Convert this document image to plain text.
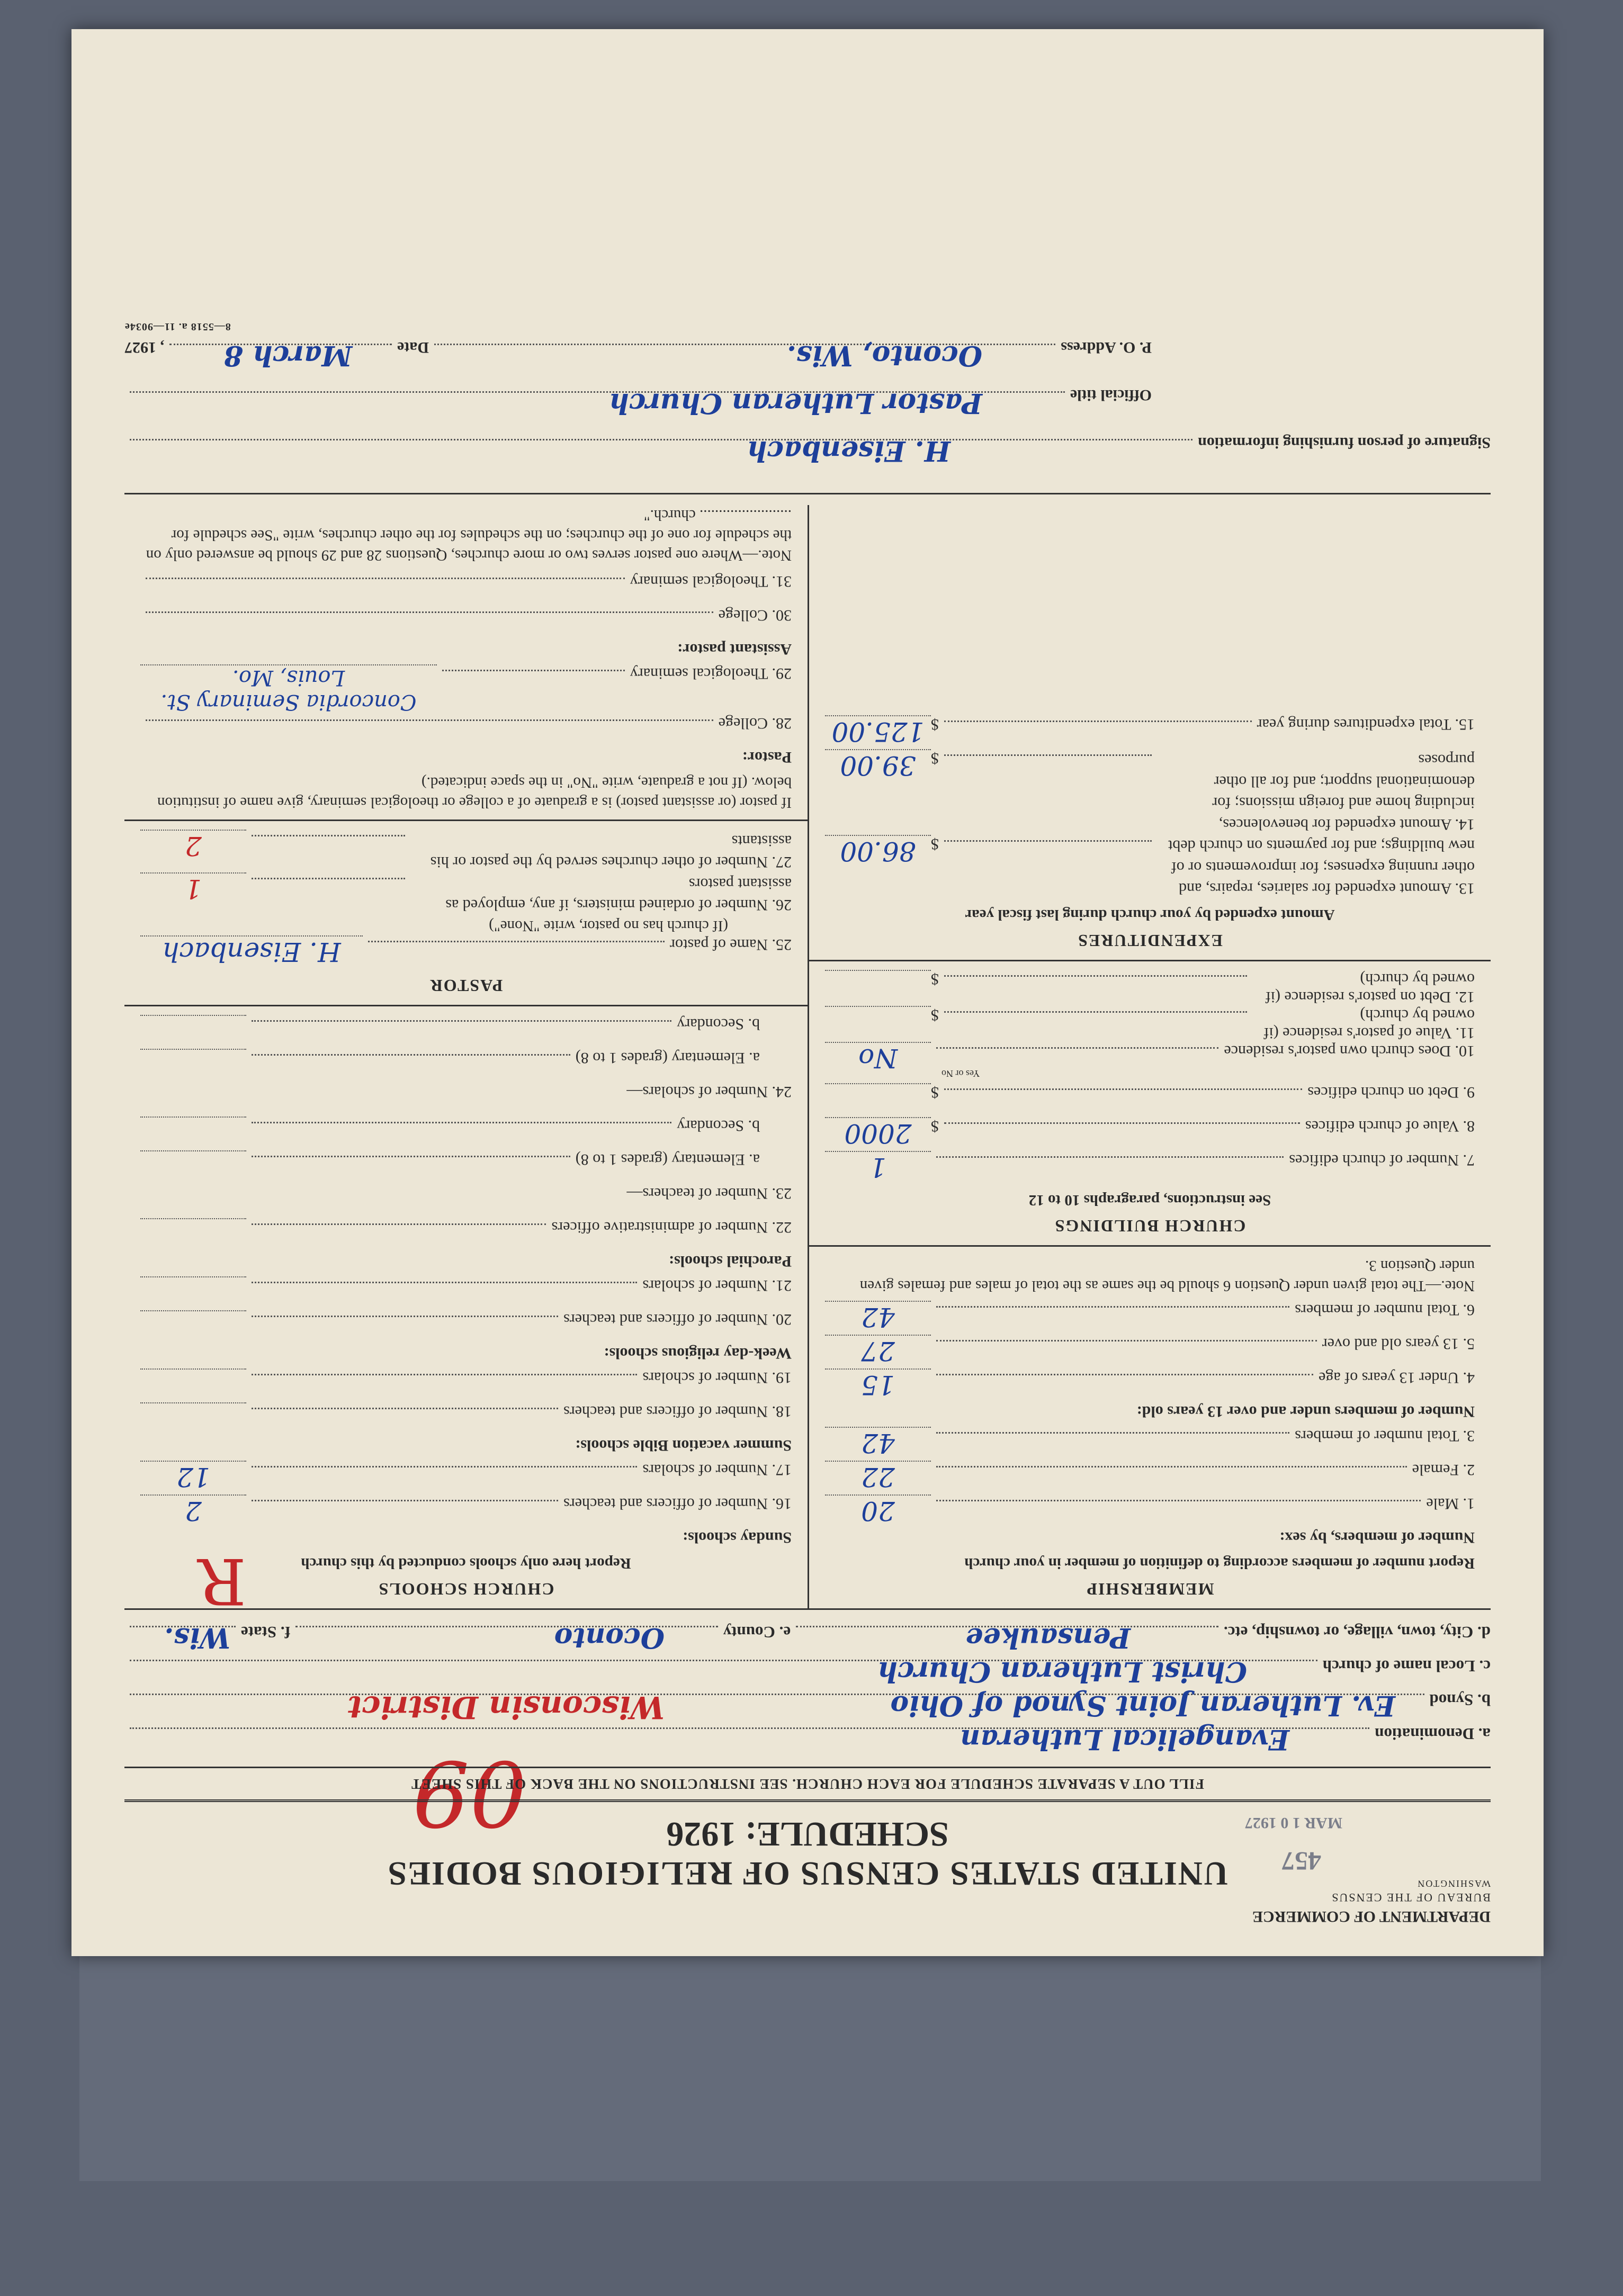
457
MAR 1 0 1927
09
R
DEPARTMENT OF COMMERCE
BUREAU OF THE CENSUS
WASHINGTON
UNITED STATES CENSUS OF RELIGIOUS BODIES
SCHEDULE: 1926
FILL OUT A SEPARATE SCHEDULE FOR EACH CHURCH. SEE INSTRUCTIONS ON THE BACK OF THIS SHEET
a. Denomination
Evangelical Lutheran
b. Synod
Ev. Lutheran Joint Synod of Ohio
Wisconsin District
c. Local name of church
Christ Lutheran Church
d. City, town, village, or township, etc.
Pensaukee
e. County
Oconto
f. State
Wis.
MEMBERSHIP
Report number of members according to definition of member in your church
Number of members, by sex:
1. Male
20
2. Female
22
3. Total number of members
42
Number of members under and over 13 years old:
4. Under 13 years of age
15
5. 13 years old and over
27
6. Total number of members
42
Note.—The total given under Question 6 should be the same as the total of males and females given under Question 3.
CHURCH BUILDINGS
See instructions, paragraphs 10 to 12
7. Number of church edifices
1
8. Value of church edifices
$
2000
9. Debt on church edifices
$
Yes or No
10. Does church own pastor's residence
No
11. Value of pastor's residence (if owned by church)
$
12. Debt on pastor's residence (if owned by church)
$
EXPENDITURES
Amount expended by your church during last fiscal year
13. Amount expended for salaries, repairs, and other running expenses; for improvements or of new buildings; and for payments on church debt
$
86.00
14. Amount expended for benevolences, including home and foreign missions; for denominational support; and for all other purposes
$
39.00
15. Total expenditures during year
$
125.00
CHURCH SCHOOLS
Report here only schools conducted by this church
Sunday schools:
16. Number of officers and teachers
2
17. Number of scholars
12
Summer vacation Bible schools:
18. Number of officers and teachers
19. Number of scholars
Week-day religious schools:
20. Number of officers and teachers
21. Number of scholars
Parochial schools:
22. Number of administrative officers
23. Number of teachers—
a. Elementary (grades 1 to 8)
b. Secondary
24. Number of scholars—
a. Elementary (grades 1 to 8)
b. Secondary
PASTOR
25. Name of pastor
H. Eisenbach
(If church has no pastor, write "None")
26. Number of ordained ministers, if any, employed as assistant pastors
1
27. Number of other churches served by the pastor or his assistants
2
If pastor (or assistant pastor) is a graduate of a college or theological seminary, give name of institution below. (If not a graduate, write "No" in the space indicated.)
Pastor:
28. College
29. Theological seminary
Concordia Seminary St. Louis, Mo.
Assistant pastor:
30. College
31. Theological seminary
Note.—Where one pastor serves two or more churches, Questions 28 and 29 should be answered only on the schedule for one of the churches; on the schedules for the other churches, write "See schedule for ........................ church."
Signature of person furnishing information
H. Eisenbach
Official title
Pastor Lutheran Church
P. O. Address
Oconto, Wis.
Date
March 8
, 1927
8—5518 a. 11—9034e
